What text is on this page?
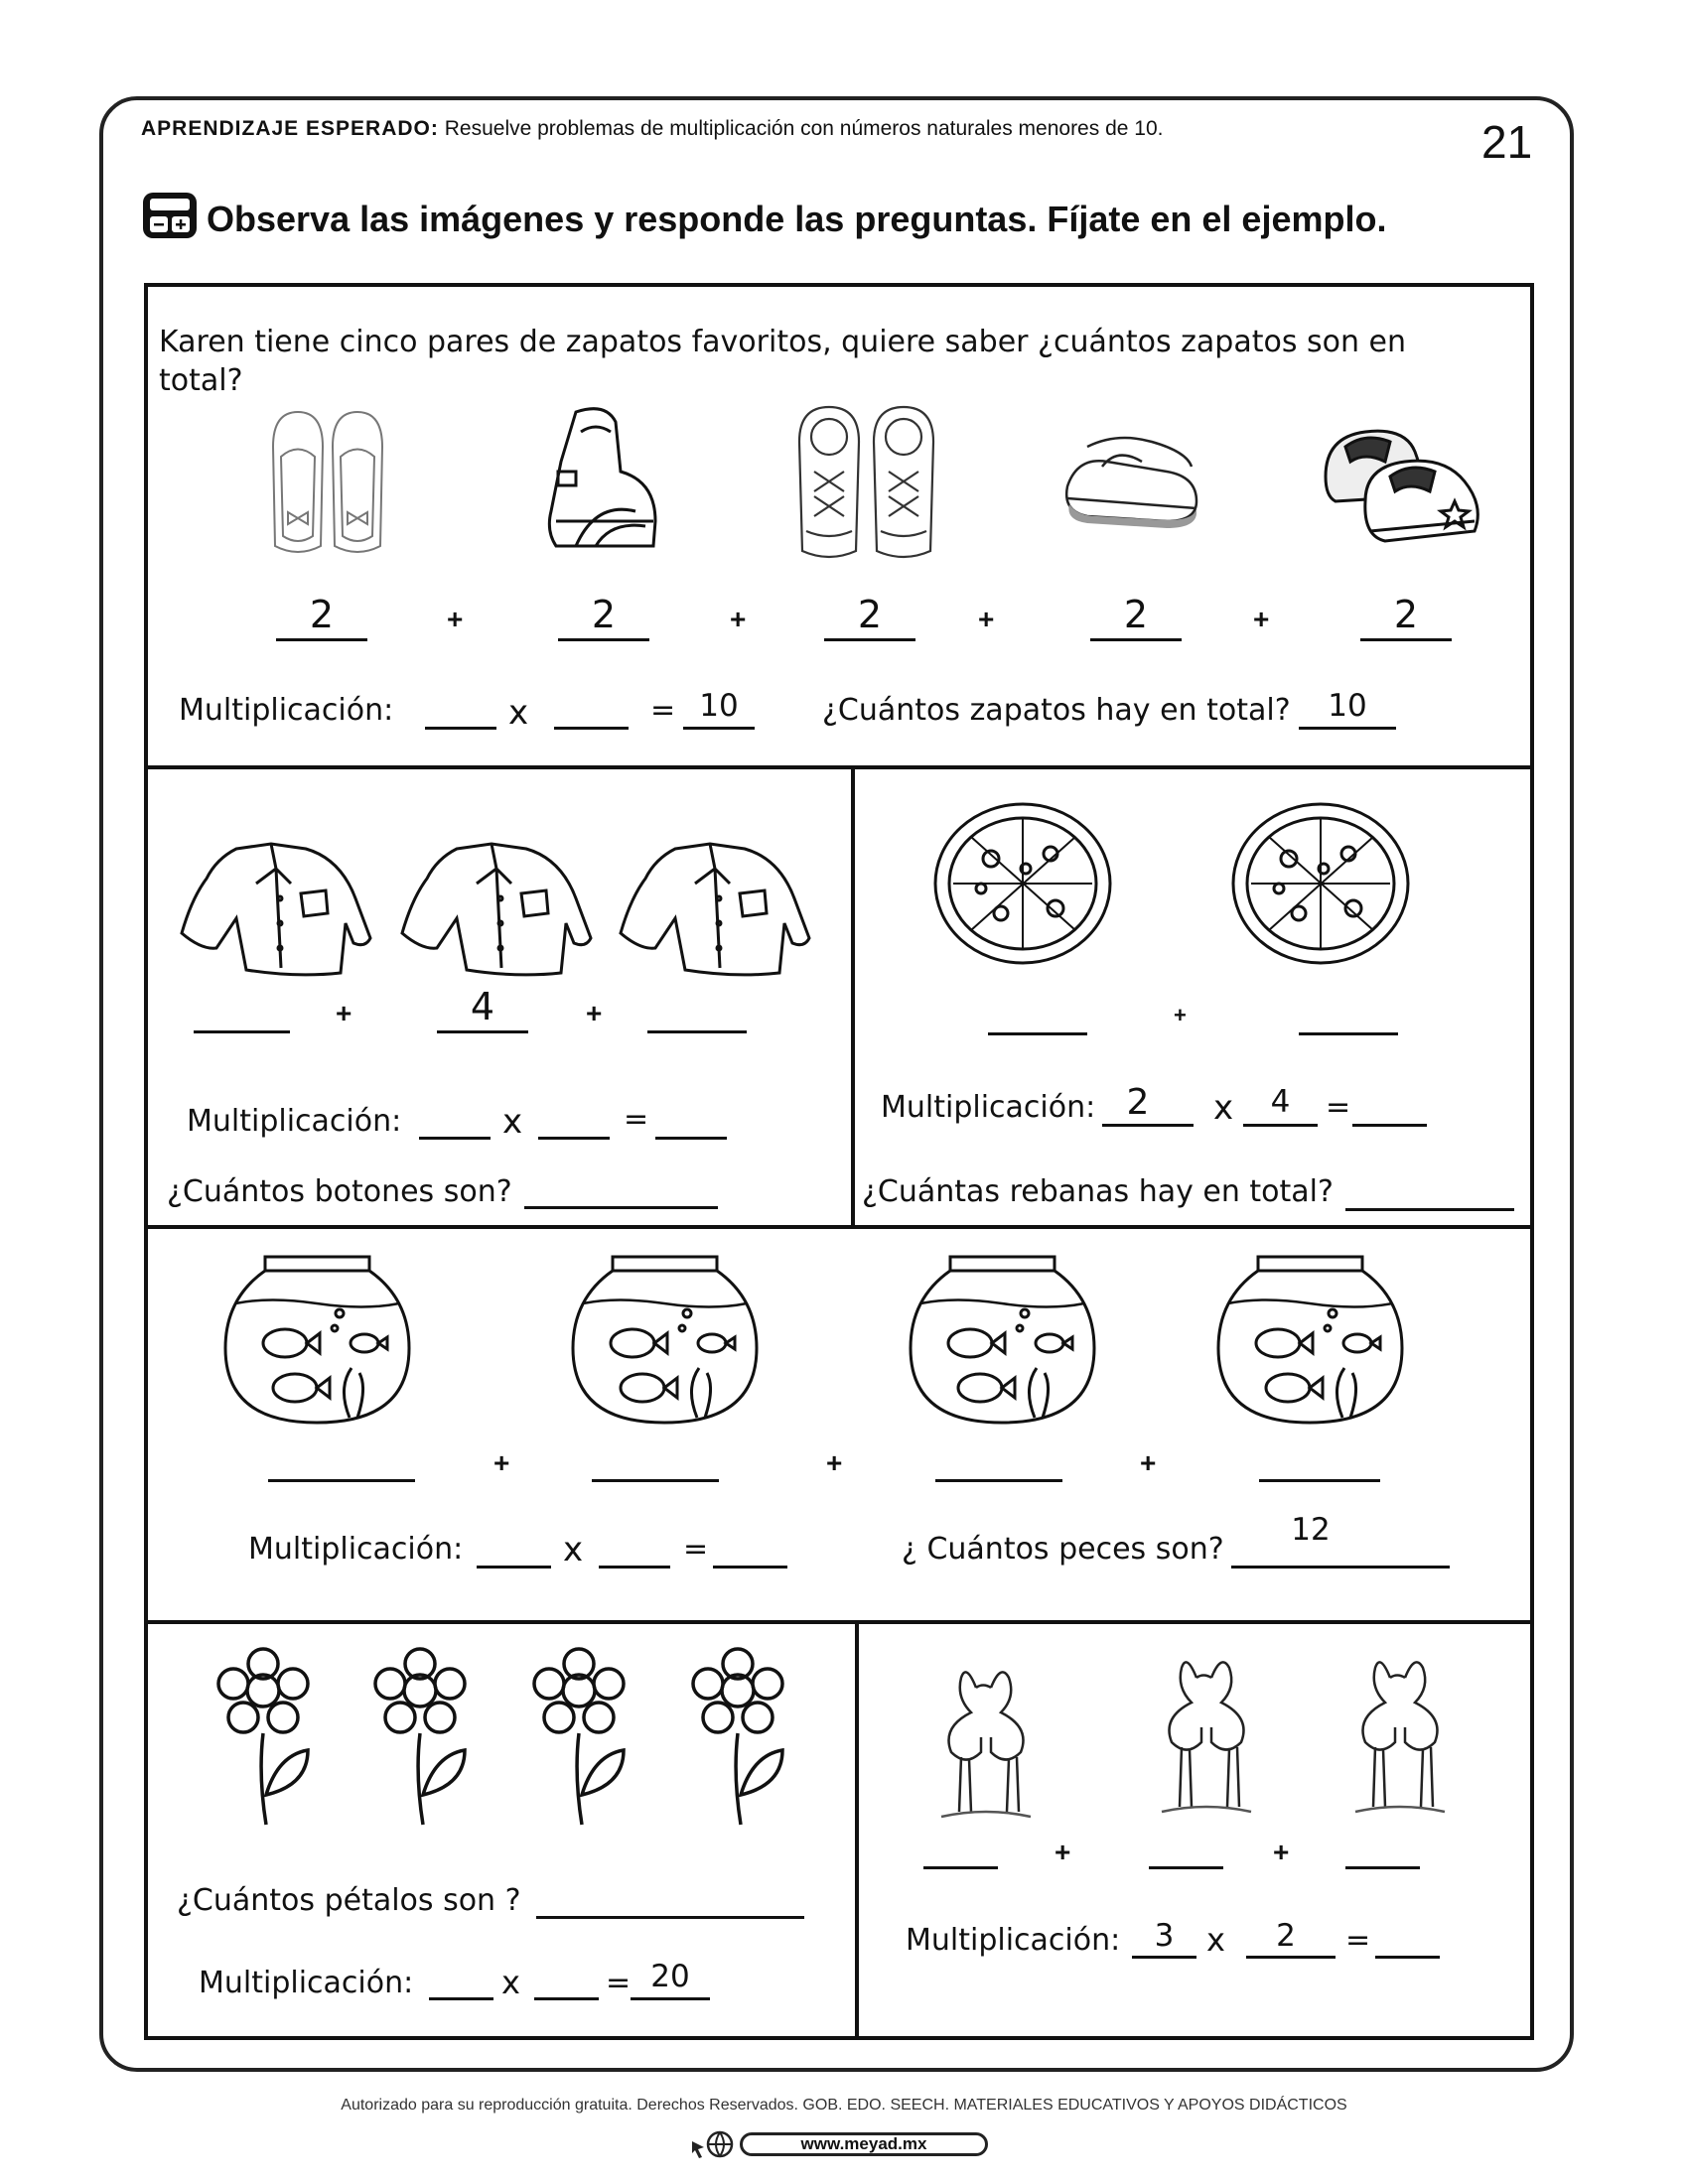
APRENDIZAJE ESPERADO: Resuelve problemas de multiplicación con números naturales menores de 10.	21
Observa las imágenes y responde las preguntas. Fíjate en el ejemplo.
Karen tiene cinco pares de zapatos favoritos, quiere saber ¿cuántos zapatos son en
total?
2	+	2	+	2	+	2	+	2
Multiplicación:	x	= 10	¿Cuántos zapatos hay en total?	10
+	4	+
Multiplicación:	x	=
¿Cuántos botones son?
+
Multiplicación: 2	x	4	=
¿Cuántas rebanas hay en total?
+	+	+
Multiplicación:	x	=	¿ Cuántos peces son?
12
¿Cuántos pétalos son ?
Multiplicación:	x	= 20
+	+
Multiplicación:	3	x	2	=
Autorizado para su reproducción gratuita. Derechos Reservados. GOB. EDO. SEECH. MATERIALES EDUCATIVOS Y APOYOS DIDÁCTICOS
www.meyad.mx
